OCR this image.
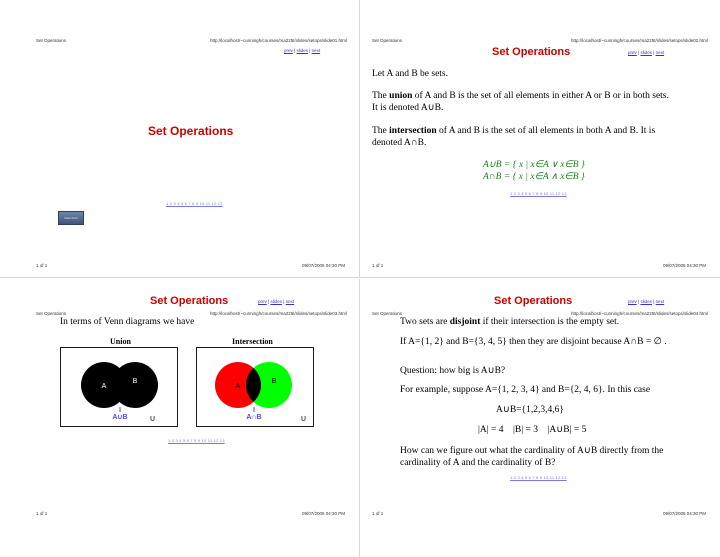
Set Operations	http://localhost/~cunningh/courses/ma225t/slides/setops/slide01.html
prev | slides | next
Set Operations
1 2 3 4 5 6 7 8 9 10 11 12 13
MassTech
1 of 1	09/07/2005 04:30 PM
Set Operations	http://localhost/~cunningh/courses/ma225t/slides/setops/slide02.html
Set Operations	prev | slides | next
Let A and B be sets.
The union of A and B is the set of all elements in either A or B or in both sets. It is denoted A∪B.
The intersection of A and B is the set of all elements in both A and B. It is denoted A∩B.
A∪B = { x | x∈A ∨ x∈B }
A∩B = { x | x∈A ∧ x∈B }
1 2 3 4 5 6 7 8 9 10 11 12 13
1 of 1	09/07/2005 04:30 PM
Set Operations	http://localhost/~cunningh/courses/ma225t/slides/setops/slide03.html
Set Operations	prev | slides | next
In terms of Venn diagrams we have
Union	Intersection
A
B
A∪B	U
A
B
A∩B	U
1 2 3 4 5 6 7 8 9 10 11 12 13
1 of 1	09/07/2005 04:30 PM
Set Operations	http://localhost/~cunningh/courses/ma225t/slides/setops/slide04.html
Set Operations	prev | slides | next
Two sets are disjoint if their intersection is the empty set.
If A={1, 2} and B={3, 4, 5} then they are disjoint because A∩B = ∅ .
Question: how big is A∪B?
For example, suppose A={1, 2, 3, 4} and B={2, 4, 6}. In this case
A∪B={1,2,3,4,6}
|A| = 4    |B| = 3    |A∪B| = 5
How can we figure out what the cardinality of A∪B directly from the cardinality of A and the cardinality of B?
1 2 3 4 5 6 7 8 9 10 11 12 13
1 of 1	09/07/2005 04:30 PM
